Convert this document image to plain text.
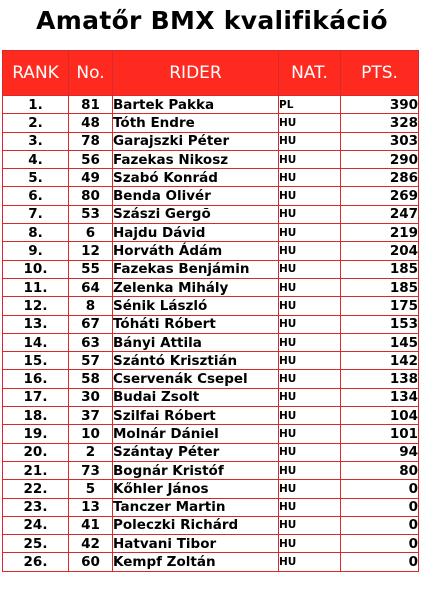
Amatőr BMX kvalifikáció
RANK	No.	RIDER	NAT.	PTS.
1.	81	Bartek Pakka	PL	390
2.	48	Tóth Endre	HU	328
3.	78	Garajszki Péter	HU	303
4.	56	Fazekas Nikosz	HU	290
5.	49	Szabó Konrád	HU	286
6.	80	Benda Olivér	HU	269
7.	53	Szászi Gergõ	HU	247
8.	6	Hajdu Dávid	HU	219
9.	12	Horváth Ádám	HU	204
10.	55	Fazekas Benjámin	HU	185
11.	64	Zelenka Mihály	HU	185
12.	8	Sénik László	HU	175
13.	67	Tóháti Róbert	HU	153
14.	63	Bányi Attila	HU	145
15.	57	Szántó Krisztián	HU	142
16.	58	Cservenák Csepel	HU	138
17.	30	Budai Zsolt	HU	134
18.	37	Szilfai Róbert	HU	104
19.	10	Molnár Dániel	HU	101
20.	2	Szántay Péter	HU	94
21.	73	Bognár Kristóf	HU	80
22.	5	Kőhler János	HU	0
23.	13	Tanczer Martin	HU	0
24.	41	Poleczki Richárd	HU	0
25.	42	Hatvani Tibor	HU	0
26.	60	Kempf Zoltán	HU	0
